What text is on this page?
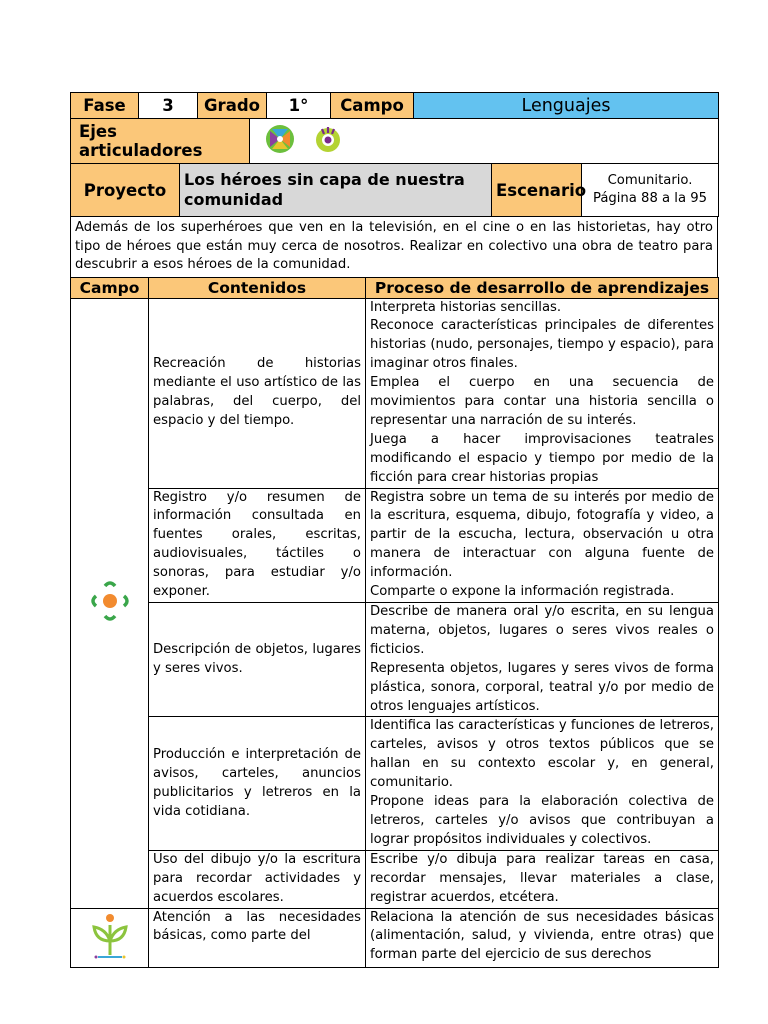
Fase	3	Grado	1°	Campo	Lenguajes
Ejes articuladores	
Proyecto	Los héroes sin capa de nuestra comunidad	Escenario	Comunitario. Página 88 a la 95
Además de los superhéroes que ven en la televisión, en el cine o en las historietas, hay otro tipo de héroes que están muy cerca de nosotros. Realizar en colectivo una obra de teatro para descubrir a esos héroes de la comunidad.
Campo	Contenidos	Proceso de desarrollo de aprendizajes
	Recreación de historias mediante el uso artístico de las palabras, del cuerpo, del espacio y del tiempo.	Interpreta historias sencillas.
Reconoce características principales de diferentes historias (nudo, personajes, tiempo y espacio), para imaginar otros finales.
Emplea el cuerpo en una secuencia de movimientos para contar una historia sencilla o representar una narración de su interés.
Juega a hacer improvisaciones teatrales modificando el espacio y tiempo por medio de la ficción para crear historias propias

	Registro y/o resumen de información consultada en fuentes orales, escritas, audiovisuales, táctiles o sonoras, para estudiar y/o exponer.	Registra sobre un tema de su interés por medio de la escritura, esquema, dibujo, fotografía y video, a partir de la escucha, lectura, observación u otra manera de interactuar con alguna fuente de información.
Comparte o expone la información registrada.

	Descripción de objetos, lugares y seres vivos.	Describe de manera oral y/o escrita, en su lengua materna, objetos, lugares o seres vivos reales o ficticios.
Representa objetos, lugares y seres vivos de forma plástica, sonora, corporal, teatral y/o por medio de otros lenguajes artísticos.

	Producción e interpretación de avisos, carteles, anuncios publicitarios y letreros en la vida cotidiana.	Identifica las características y funciones de letreros, carteles, avisos y otros textos públicos que se hallan en su contexto escolar y, en general, comunitario.
Propone ideas para la elaboración colectiva de letreros, carteles y/o avisos que contribuyan a lograr propósitos individuales y colectivos.

	Uso del dibujo y/o la escritura para recordar actividades y acuerdos escolares.	Escribe y/o dibuja para realizar tareas en casa, recordar mensajes, llevar materiales a clase, registrar acuerdos, etcétera.

Atención a las necesidades básicas, como parte del	Relaciona la atención de sus necesidades básicas (alimentación, salud, y vivienda, entre otras) que forman parte del ejercicio de sus derechos
